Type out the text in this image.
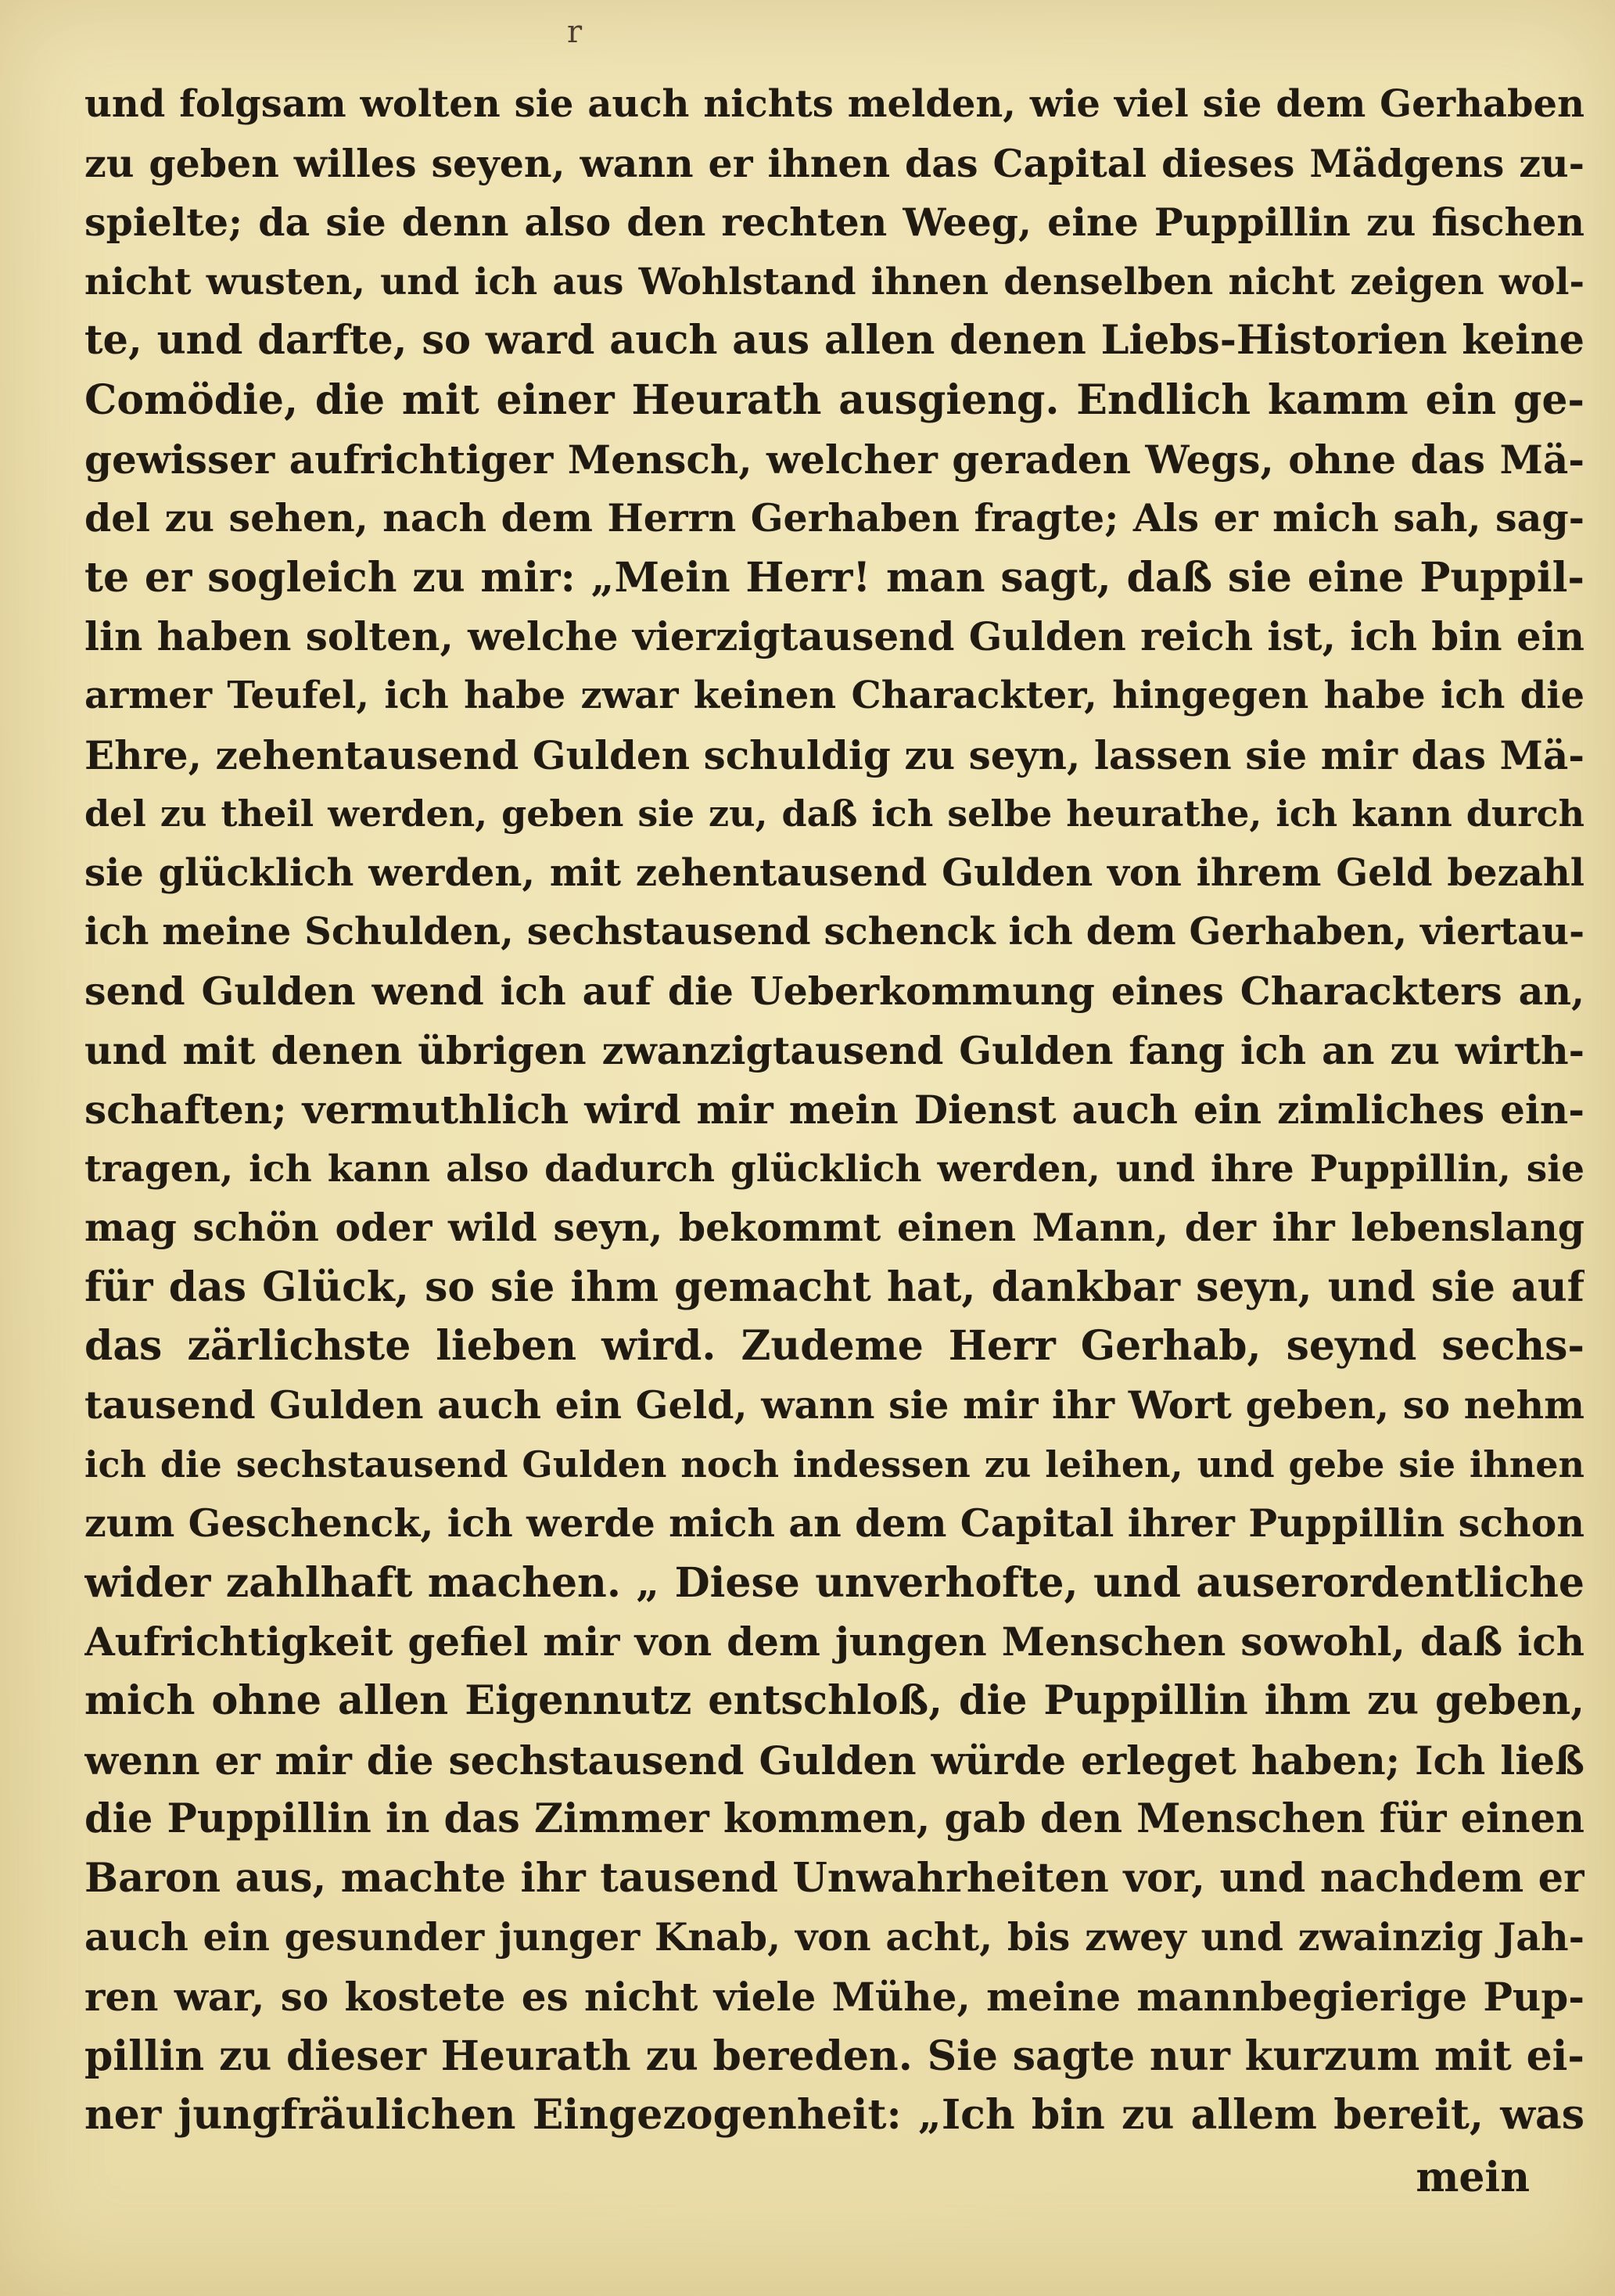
r
und folgsam wolten sie auch nichts melden, wie viel sie dem Gerhaben
zu geben willes seyen, wann er ihnen das Capital dieses Mädgens zu-
spielte; da sie denn also den rechten Weeg, eine Puppillin zu fischen
nicht wusten, und ich aus Wohlstand ihnen denselben nicht zeigen wol-
te, und darfte, so ward auch aus allen denen Liebs-Historien keine
Comödie, die mit einer Heurath ausgieng. Endlich kamm ein ge-
gewisser aufrichtiger Mensch, welcher geraden Wegs, ohne das Mä-
del zu sehen, nach dem Herrn Gerhaben fragte; Als er mich sah, sag-
te er sogleich zu mir: „Mein Herr! man sagt, daß sie eine Puppil-
lin haben solten, welche vierzigtausend Gulden reich ist, ich bin ein
armer Teufel, ich habe zwar keinen Charackter, hingegen habe ich die
Ehre, zehentausend Gulden schuldig zu seyn, lassen sie mir das Mä-
del zu theil werden, geben sie zu, daß ich selbe heurathe, ich kann durch
sie glücklich werden, mit zehentausend Gulden von ihrem Geld bezahl
ich meine Schulden, sechstausend schenck ich dem Gerhaben, viertau-
send Gulden wend ich auf die Ueberkommung eines Charackters an,
und mit denen übrigen zwanzigtausend Gulden fang ich an zu wirth-
schaften; vermuthlich wird mir mein Dienst auch ein zimliches ein-
tragen, ich kann also dadurch glücklich werden, und ihre Puppillin, sie
mag schön oder wild seyn, bekommt einen Mann, der ihr lebenslang
für das Glück, so sie ihm gemacht hat, dankbar seyn, und sie auf
das zärlichste lieben wird. Zudeme Herr Gerhab, seynd sechs-
tausend Gulden auch ein Geld, wann sie mir ihr Wort geben, so nehm
ich die sechstausend Gulden noch indessen zu leihen, und gebe sie ihnen
zum Geschenck, ich werde mich an dem Capital ihrer Puppillin schon
wider zahlhaft machen. „ Diese unverhofte, und auserordentliche
Aufrichtigkeit gefiel mir von dem jungen Menschen sowohl, daß ich
mich ohne allen Eigennutz entschloß, die Puppillin ihm zu geben,
wenn er mir die sechstausend Gulden würde erleget haben; Ich ließ
die Puppillin in das Zimmer kommen, gab den Menschen für einen
Baron aus, machte ihr tausend Unwahrheiten vor, und nachdem er
auch ein gesunder junger Knab, von acht, bis zwey und zwainzig Jah-
ren war, so kostete es nicht viele Mühe, meine mannbegierige Pup-
pillin zu dieser Heurath zu bereden. Sie sagte nur kurzum mit ei-
ner jungfräulichen Eingezogenheit: „Ich bin zu allem bereit, was
mein
